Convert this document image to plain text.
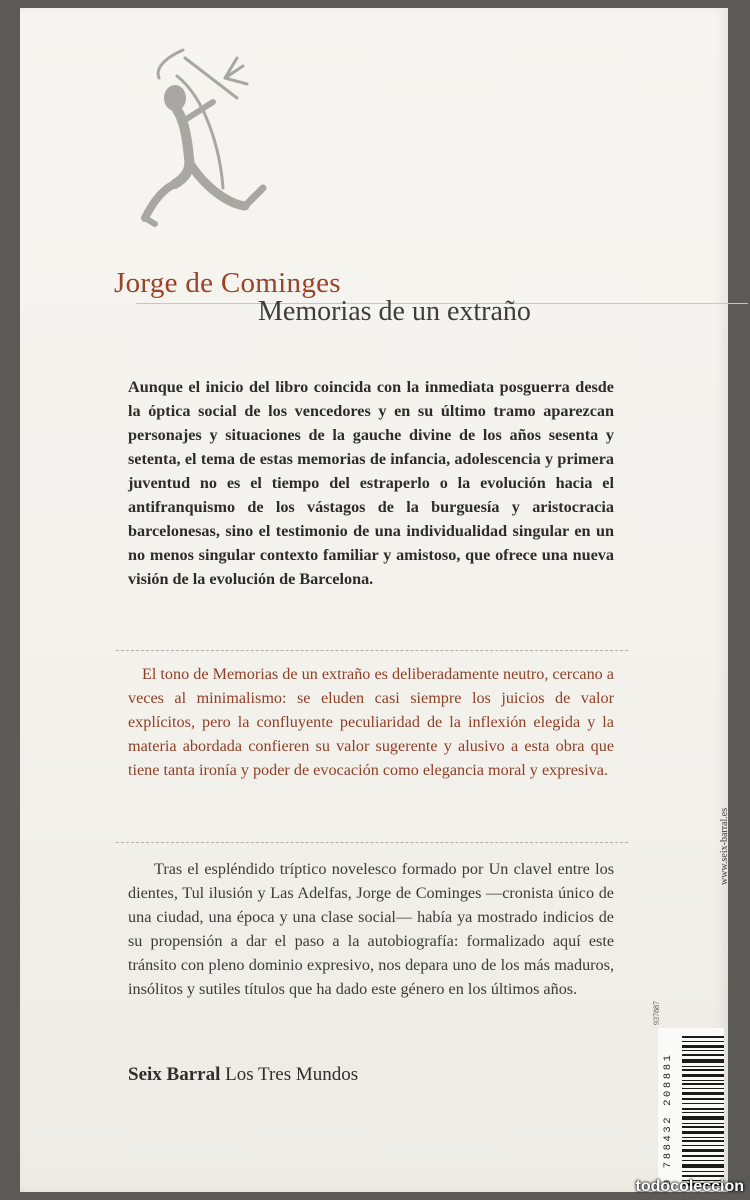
Jorge de Cominges
Memorias de un extraño

Aunque el inicio del libro coincida con la inmediata posguerra desde la óptica social de los vencedores y en su último tramo aparezcan personajes y situaciones de la gauche divine de los años sesenta y setenta, el tema de estas memorias de infancia, adolescencia y primera juventud no es el tiempo del estraperlo o la evolución hacia el antifranquismo de los vástagos de la burguesía y aristocracia barcelonesas, sino el testimonio de una individualidad singular en un no menos singular contexto familiar y amistoso, que ofrece una nueva visión de la evolución de Barcelona.

El tono de Memorias de un extraño es deliberadamente neutro, cercano a veces al minimalismo: se eluden casi siempre los juicios de valor explícitos, pero la confluyente peculiaridad de la inflexión elegida y la materia abordada confieren su valor sugerente y alusivo a esta obra que tiene tanta ironía y poder de evocación como elegancia moral y expresiva.

Tras el espléndido tríptico novelesco formado por Un clavel entre los dientes, Tul ilusión y Las Adelfas, Jorge de Cominges —cronista único de una ciudad, una época y una clase social— había ya mostrado indicios de su propensión a dar el paso a la autobiografía: formalizado aquí este tránsito con pleno dominio expresivo, nos depara uno de los más maduros, insólitos y sutiles títulos que ha dado este género en los últimos años.

Seix Barral Los Tres Mundos

www.seix-barral.es
937887
9 788432 208881
todocoleccion
